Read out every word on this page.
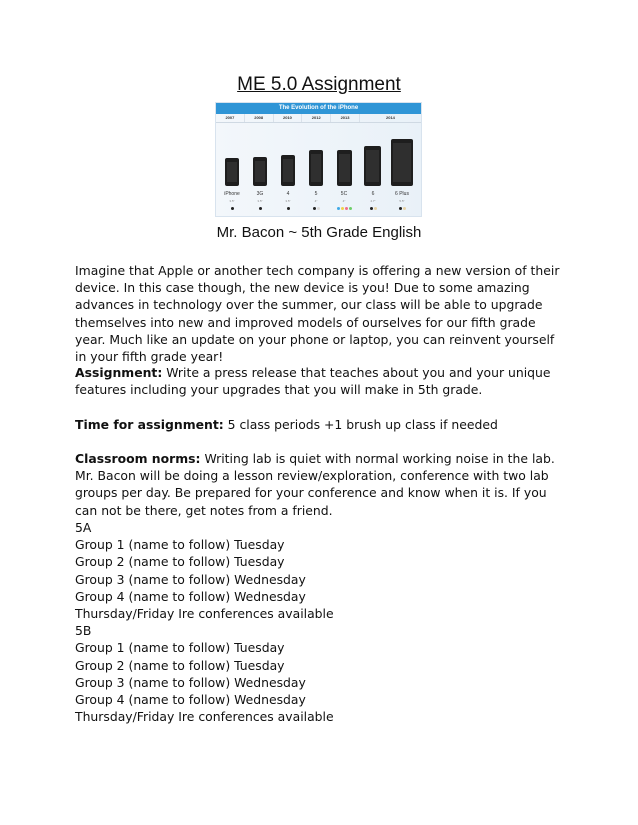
ME 5.0 Assignment
The Evolution of the iPhone
2007	2008	2010	2012	2013	2014
iPhone
3.5"
3G
3.5"
4
3.5"
5
4"
5C
4"
6
4.7"
6 Plus
5.5"
Mr. Bacon ~ 5th Grade English
Imagine that Apple or another tech company is offering a new version of their device. In this case though, the new device is you! Due to some amazing advances in technology over the summer, our class will be able to upgrade themselves into new and improved models of ourselves for our fifth grade year. Much like an update on your phone or laptop, you can reinvent yourself in your fifth grade year!
Assignment: Write a press release that teaches about you and your unique features including your upgrades that you will make in 5th grade.
Time for assignment: 5 class periods +1 brush up class if needed
Classroom norms: Writing lab is quiet with normal working noise in the lab. Mr. Bacon will be doing a lesson review/exploration, conference with two lab groups per day. Be prepared for your conference and know when it is. If you can not be there, get notes from a friend.
5A
Group 1 (name to follow) Tuesday
Group 2 (name to follow) Tuesday
Group 3 (name to follow) Wednesday
Group 4 (name to follow) Wednesday
Thursday/Friday Ire conferences available
5B
Group 1 (name to follow) Tuesday
Group 2 (name to follow) Tuesday
Group 3 (name to follow) Wednesday
Group 4 (name to follow) Wednesday
Thursday/Friday Ire conferences available
